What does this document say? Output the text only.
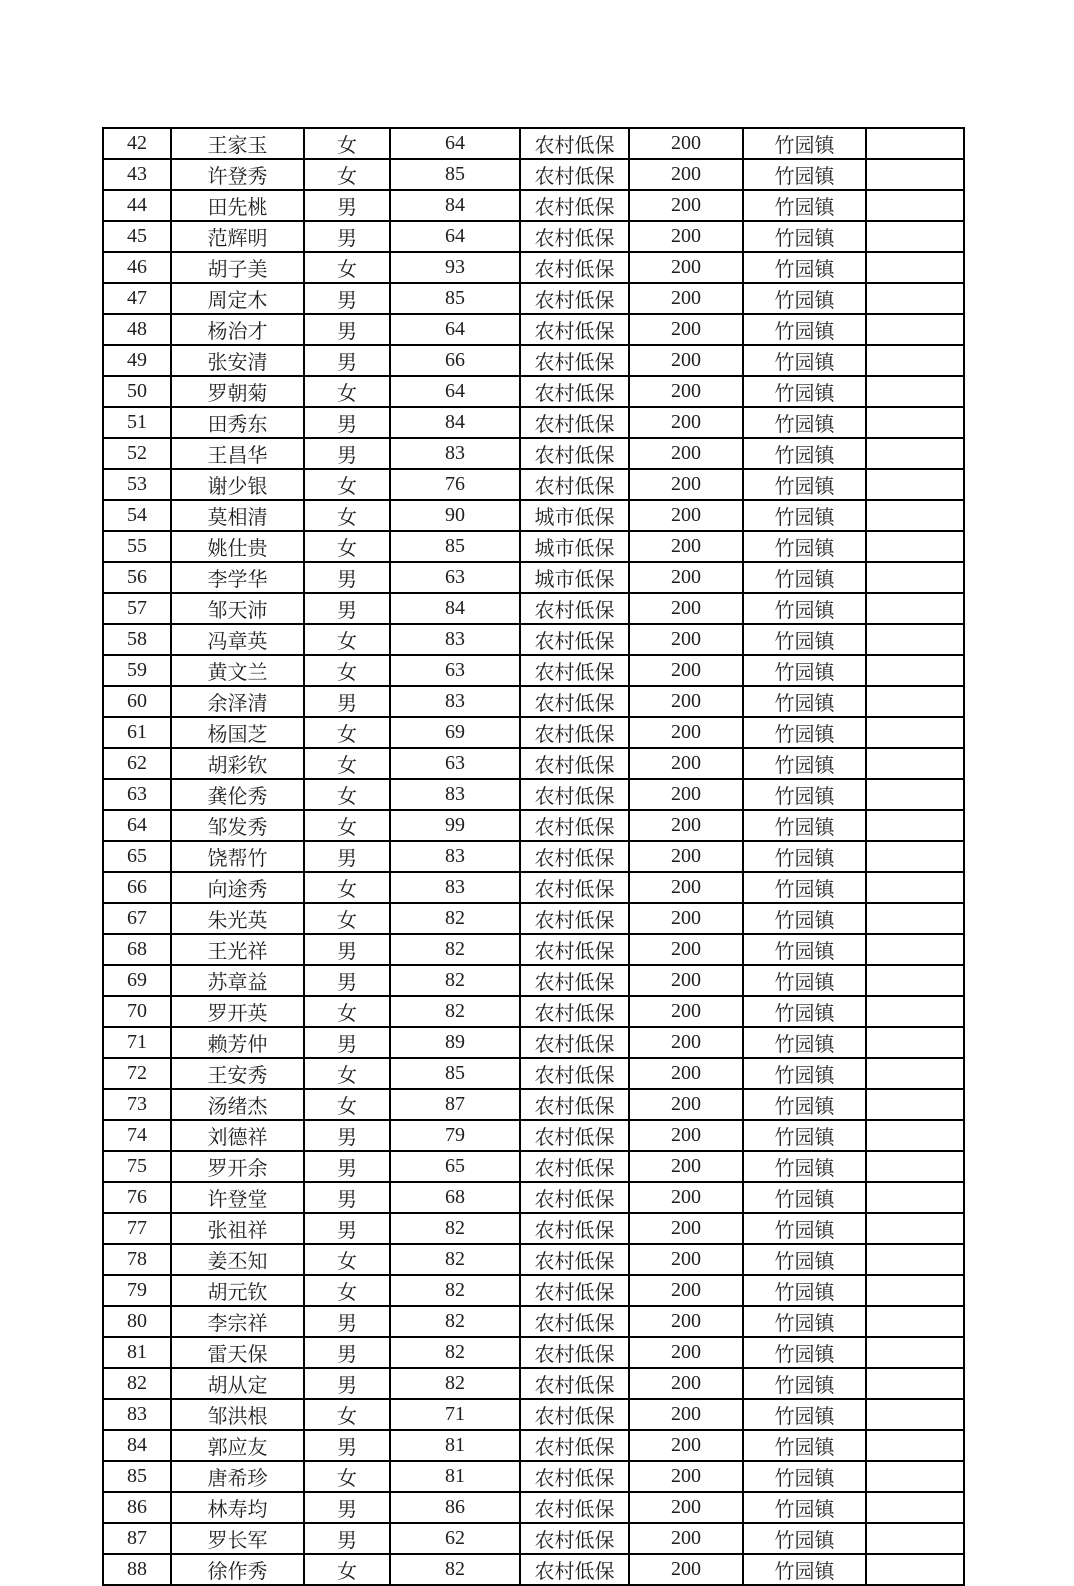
42	王家玉	女	64	农村低保	200	竹园镇	
43	许登秀	女	85	农村低保	200	竹园镇	
44	田先桃	男	84	农村低保	200	竹园镇	
45	范辉明	男	64	农村低保	200	竹园镇	
46	胡子美	女	93	农村低保	200	竹园镇	
47	周定木	男	85	农村低保	200	竹园镇	
48	杨治才	男	64	农村低保	200	竹园镇	
49	张安清	男	66	农村低保	200	竹园镇	
50	罗朝菊	女	64	农村低保	200	竹园镇	
51	田秀东	男	84	农村低保	200	竹园镇	
52	王昌华	男	83	农村低保	200	竹园镇	
53	谢少银	女	76	农村低保	200	竹园镇	
54	莫相清	女	90	城市低保	200	竹园镇	
55	姚仕贵	女	85	城市低保	200	竹园镇	
56	李学华	男	63	城市低保	200	竹园镇	
57	邹天沛	男	84	农村低保	200	竹园镇	
58	冯章英	女	83	农村低保	200	竹园镇	
59	黄文兰	女	63	农村低保	200	竹园镇	
60	余泽清	男	83	农村低保	200	竹园镇	
61	杨国芝	女	69	农村低保	200	竹园镇	
62	胡彩钦	女	63	农村低保	200	竹园镇	
63	龚伦秀	女	83	农村低保	200	竹园镇	
64	邹发秀	女	99	农村低保	200	竹园镇	
65	饶帮竹	男	83	农村低保	200	竹园镇	
66	向途秀	女	83	农村低保	200	竹园镇	
67	朱光英	女	82	农村低保	200	竹园镇	
68	王光祥	男	82	农村低保	200	竹园镇	
69	苏章益	男	82	农村低保	200	竹园镇	
70	罗开英	女	82	农村低保	200	竹园镇	
71	赖芳仲	男	89	农村低保	200	竹园镇	
72	王安秀	女	85	农村低保	200	竹园镇	
73	汤绪杰	女	87	农村低保	200	竹园镇	
74	刘德祥	男	79	农村低保	200	竹园镇	
75	罗开余	男	65	农村低保	200	竹园镇	
76	许登堂	男	68	农村低保	200	竹园镇	
77	张祖祥	男	82	农村低保	200	竹园镇	
78	姜丕知	女	82	农村低保	200	竹园镇	
79	胡元钦	女	82	农村低保	200	竹园镇	
80	李宗祥	男	82	农村低保	200	竹园镇	
81	雷天保	男	82	农村低保	200	竹园镇	
82	胡从定	男	82	农村低保	200	竹园镇	
83	邹洪根	女	71	农村低保	200	竹园镇	
84	郭应友	男	81	农村低保	200	竹园镇	
85	唐希珍	女	81	农村低保	200	竹园镇	
86	林寿均	男	86	农村低保	200	竹园镇	
87	罗长军	男	62	农村低保	200	竹园镇	
88	徐作秀	女	82	农村低保	200	竹园镇	
